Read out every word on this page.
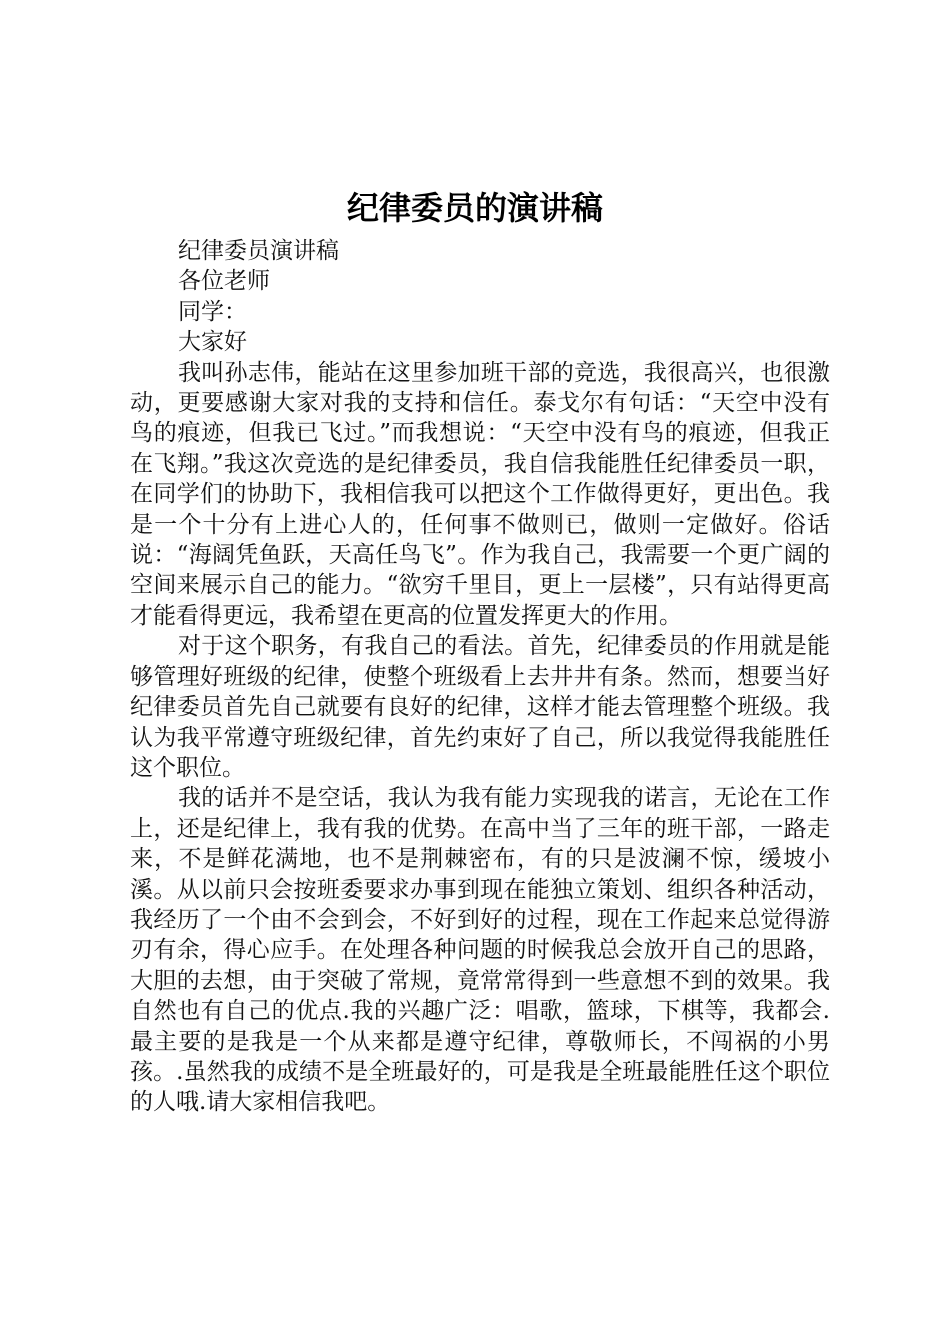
纪律委员的演讲稿

纪律委员演讲稿

各位老师

同学：

大家好

我叫孙志伟，能站在这里参加班干部的竞选，我很高兴，也很激动，更要感谢大家对我的支持和信任。泰戈尔有句话：“天空中没有鸟的痕迹，但我已飞过。”而我想说：“天空中没有鸟的痕迹，但我正在飞翔。”我这次竞选的是纪律委员，我自信我能胜任纪律委员一职，在同学们的协助下，我相信我可以把这个工作做得更好，更出色。我是一个十分有上进心人的，任何事不做则已，做则一定做好。俗话说：“海阔凭鱼跃，天高任鸟飞”。作为我自己，我需要一个更广阔的空间来展示自己的能力。“欲穷千里目，更上一层楼”，只有站得更高才能看得更远，我希望在更高的位置发挥更大的作用。

对于这个职务，有我自己的看法。首先，纪律委员的作用就是能够管理好班级的纪律，使整个班级看上去井井有条。然而，想要当好纪律委员首先自己就要有良好的纪律，这样才能去管理整个班级。我认为我平常遵守班级纪律，首先约束好了自己，所以我觉得我能胜任这个职位。

我的话并不是空话，我认为我有能力实现我的诺言，无论在工作上，还是纪律上，我有我的优势。在高中当了三年的班干部，一路走来，不是鲜花满地，也不是荆棘密布，有的只是波澜不惊，缓坡小溪。从以前只会按班委要求办事到现在能独立策划、组织各种活动，我经历了一个由不会到会，不好到好的过程，现在工作起来总觉得游刃有余，得心应手。在处理各种问题的时候我总会放开自己的思路，大胆的去想，由于突破了常规，竟常常得到一些意想不到的效果。我自然也有自己的优点.我的兴趣广泛：唱歌，篮球，下棋等，我都会.最主要的是我是一个从来都是遵守纪律，尊敬师长，不闯祸的小男孩。.虽然我的成绩不是全班最好的，可是我是全班最能胜任这个职位的人哦.请大家相信我吧。
